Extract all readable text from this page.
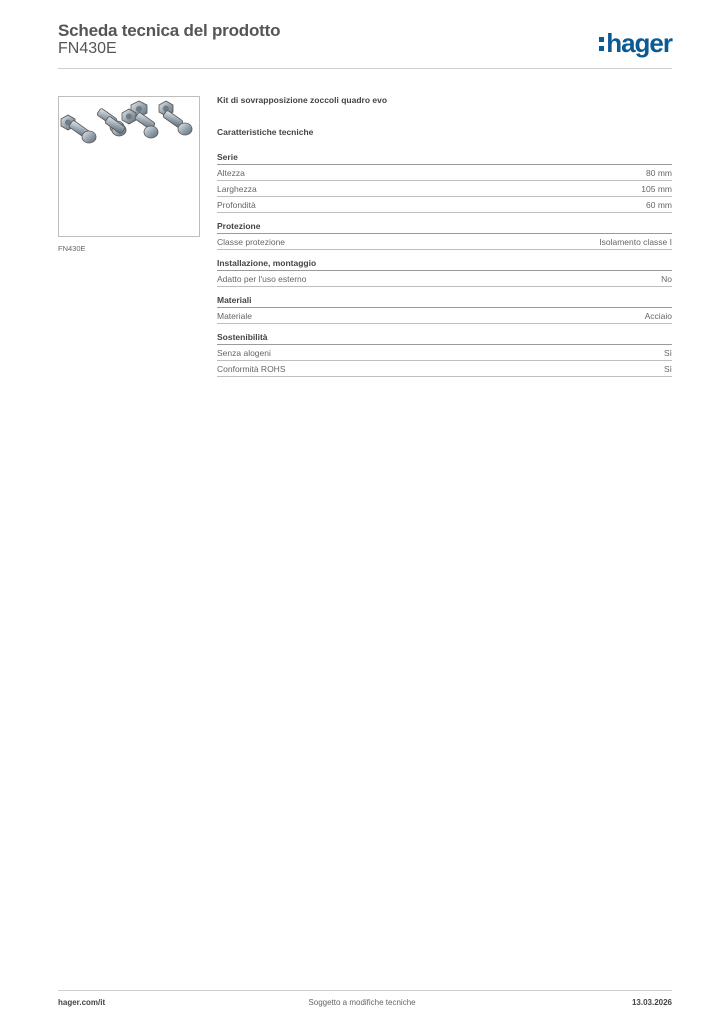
Scheda tecnica del prodotto
FN430E	hager
FN430E
Kit di sovrapposizione zoccoli quadro evo
Caratteristiche tecniche
Serie
Altezza	80 mm
Larghezza	105 mm
Profondità	60 mm
Protezione
Classe protezione	Isolamento classe I
Installazione, montaggio
Adatto per l'uso esterno	No
Materiali
Materiale	Acciaio
Sostenibilità
Senza alogeni	Sì
Conformità ROHS	Sì
hager.com/it	Soggetto a modifiche tecniche	13.03.2026
